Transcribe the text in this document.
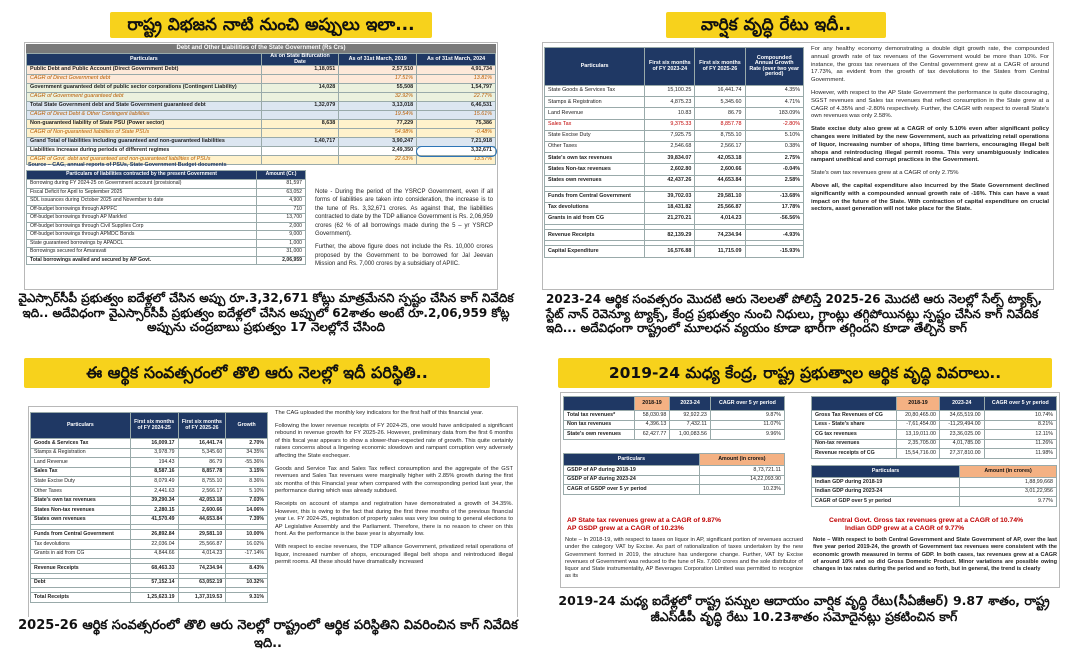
రాష్ట్ర విభజన నాటి నుంచి అప్పులు ఇలా...
Debt and Other Liabilities of the State Government (Rs Crs)
Particulars	As on State Bifurcation Date	As of 31st March, 2019	As of 31st March, 2024
Public Debt and Public Account (Direct Government Debt)	1,18,051	2,57,510	4,91,734
CAGR of Direct Government debt		17.51%	13.81%
Government guaranteed debt of public sector corporations (Contingent Liability)	14,028	55,508	1,54,797
CAGR of Government guaranteed debt		32.92%	22.77%
Total State Government debt and State Government guaranteed debt	1,32,079	3,13,018	6,46,531
CAGR of Direct Debt & Other Contingent liabilities		19.54%	15.61%
Non-guaranteed liability of State PSU (Power sector)	8,638	77,229	75,386
CAGR of Non-guaranteed liabilities of State PSUs		54.98%	-0.48%
Grand Total of liabilities including guaranteed and non-guaranteed liabilities	1,40,717	3,90,247	7,21,918
Liabilities increase during periods of different regimes		2,49,350	3,32,671
CAGR of Govt. debt and guaranteed and non-guaranteed liabilities of PSUs		22.63%	13.57%
Source – CAG, annual reports of PSUs, State Government Budget documents
Particulars of liabilities contracted by the present Government	Amount (Cr.)
Borrowing during FY 2024-25 on Government account (provisional)	81,597
Fiscal Deficit for April to September 2025	63,052
SDL issuances during October 2025 and November to date	4,900
Off-budget borrowings through APPFC	710
Off-budget borrowings through AP Markfed	13,700
Off-budget borrowings through Civil Supplies Corp	2,000
Off-budget borrowings through APMDC Bonds	9,000
State guaranteed borrowings by APADCL	1,000
Borrowings secured for Amaravati	31,000
Total borrowings availed and secured by AP Govt.	2,06,959

Note - During the period of the YSRCP Government, even if all forms of liabilities are taken into consideration, the increase is to the tune of Rs. 3,32,671 crores. As against that, the liabilities contracted to date by the TDP alliance Government is Rs. 2,06,959 crores (62 % of all borrowings made during the 5 – yr YSRCP Government).

Further, the above figure does not include the Rs. 10,000 crores proposed by the Government to be borrowed for Jal Jeevan Mission and Rs. 7,000 crores by a subsidiary of APIIC.

వైఎస్సార్‌సీపీ ప్రభుత్వం ఐదేళ్లలో చేసిన అప్పు రూ.3,32,671 కోట్లు మాత్రమేనని స్పష్టం చేసిన కాగ్ నివేదిక ఇది.. అదేవిధంగా వైఎస్సార్‌సీపీ ప్రభుత్వం ఐదేళ్లలో చేసిన అప్పులో 62శాతం అంటే రూ.2,06,959 కోట్ల అప్పును చంద్రబాబు ప్రభుత్వం 17 నెలల్లోనే చేసింది
వార్షిక వృద్ధి రేటు ఇదీ..
Particulars	First six months of FY 2023-24	First six months of FY 2025-26	Compounded Annual Growth Rate (over two year period)
State Goods & Services Tax	15,100.25	16,441.74	4.35%
Stamps & Registration	4,875.23	5,345.60	4.71%
Land Revenue	10.83	86.79	183.09%
Sales Tax	9,375.33	8,857.78	-2.80%
State Excise Duty	7,925.75	8,755.10	5.10%
Other Taxes	2,546.68	2,566.17	0.38%
State's own tax revenues	39,834.07	42,053.18	2.75%
States Non-tax revenues	2,602.80	2,600.66	-0.04%
States own revenues	42,437.26	44,653.84	2.58%

Funds from Central Government	39,702.03	29,581.10	-13.68%
Tax devolutions	18,431.82	25,566.87	17.78%
Grants in aid from CG	21,270.21	4,014.23	-56.56%

Revenue Receipts	82,139.29	74,234.94	-4.93%

Capital Expenditure	16,576.88	11,715.09	-15.93%

For any healthy economy demonstrating a double digit growth rate, the compounded annual growth rate of tax revenues of the Government would be more than 10%. For instance, the gross tax revenues of the Central government grew at a CAGR of around 17.73%, as evident from the growth of tax devolutions to the States from Central Government.

However, with respect to the AP State Government the performance is quite discouraging, SGST revenues and Sales tax revenues that reflect consumption in the State grew at a CAGR of 4.35% and -2.80% respectively. Further, the CAGR with respect to overall State's own revenues was only 2.58%.

State excise duty also grew at a CAGR of only 5.10% even after significant policy changes were initiated by the new Government, such as privatizing retail operations of liquor, increasing number of shops, lifting time barriers, encouraging illegal belt shops and reintroducing illegal permit rooms. This very unambiguously indicates rampant unethical and corrupt practices in the Government.

State's own tax revenues grew at a CAGR of only 2.75%

Above all, the capital expenditure also incurred by the State Government declined significantly with a compounded annual growth rate of -16%. This can have a vast impact on the future of the State. With contraction of capital expenditure on crucial sectors, asset generation will not take place for the State.

2023-24 ఆర్థిక సంవత్సరం మొదటి ఆరు నెలలతో పోలిస్తే 2025-26 మొదటి ఆరు నెలల్లో సేల్స్‌ ట్యాక్స్‌, స్టేట్‌ నాన్‌ రెవెన్యూ ట్యాక్స్‌, కేంద్ర ప్రభుత్వం నుంచి నిధులు, గ్రాంట్లు తగ్గిపోయినట్లు స్పష్టం చేసిన కాగ్‌ నివేదిక ఇది... అదేవిధంగా రాష్ట్రంలో మూలధన వ్యయం కూడా భారీగా తగ్గిందని కూడా తేల్చిన కాగ్‌
ఈ ఆర్థిక సంవత్సరంలో తొలి ఆరు నెలల్లో ఇదీ పరిస్థితి..
Particulars	First six months of FY 2024-25	First six months of FY 2025-26	Growth
Goods & Services Tax	16,009.17	16,441.74	2.70%
Stamps & Registration	3,978.79	5,345.60	34.35%
Land Revenue	194.43	86.79	-55.36%
Sales Tax	8,587.16	8,857.78	3.15%
State Excise Duty	8,079.49	8,755.10	8.36%
Other Taxes	2,441.63	2,566.17	5.10%
State's own tax revenues	39,290.34	42,053.18	7.03%
States Non-tax revenues	2,280.15	2,600.66	14.06%
States own revenues	41,570.49	44,653.84	7.39%

Funds from Central Government	26,892.84	29,581.10	10.00%
Tax devolutions	22,036.04	25,566.87	16.02%
Grants in aid from CG	4,844.66	4,014.23	-17.14%

Revenue Receipts	68,463.33	74,234.94	8.43%

Debt	57,152.14	63,052.19	10.32%

Total Receipts	1,25,623.19	1,37,319.53	9.31%

The CAG uploaded the monthly key indicators for the first half of this financial year.

Following the lower revenue receipts of FY 2024-25, one would have anticipated a significant rebound in revenue growth for FY 2025-26. However, preliminary data from the first 6 months of this fiscal year appears to show a slower-than-expected rate of growth. This quite certainly raises concerns about a lingering economic slowdown and rampant corruption very adversely affecting the State exchequer.

Goods and Service Tax and Sales Tax reflect consumption and the aggregate of the GST revenues and Sales Tax revenues were marginally higher with 2.85% growth during the first six months of this Financial year when compared with the corresponding period last year, the performance during which was already subdued.

Receipts on account of stamps and registration have demonstrated a growth of 34.35%. However, this is owing to the fact that during the first three months of the previous financial year i.e. FY 2024-25, registration of property sales was very low owing to general elections to AP Legislative Assembly and the Parliament. Therefore, there is no reason to cheer on this front. As the performance is the base year is abysmally low.

With respect to excise revenues, the TDP alliance Government, privatized retail operations of liquor, increased number of shops, encouraged illegal belt shops and reintroduced illegal permit rooms. All these should have dramatically increased

2025-26 ఆర్థిక సంవత్సరంలో తొలి ఆరు నెలల్లో రాష్ట్రంలో ఆర్థిక పరిస్థితిని వివరించిన కాగ్‌ నివేదిక ఇది..
2019-24 మధ్య కేంద్ర, రాష్ట్ర ప్రభుత్వాల ఆర్థిక వృద్ధి వివరాలు..
	2018-19	2023-24	CAGR over 5 yr period
Total tax revenues*	58,030.98	92,922.23	9.87%
Non tax revenues	4,396.13	7,432.11	11.07%
State's own revenues	62,427.77	1,00,083.56	9.96%
	2018-19	2023-24	CAGR over 5 yr period
Gross Tax Revenues of CG	20,80,465.00	34,65,519.00	10.74%
Less - State's share	-7,61,454.00	-11,29,494.00	8.21%
CG tax revenues	13,19,011.00	23,36,025.00	12.11%
Non-tax revenues	2,35,705.00	4,01,785.00	11.26%
Revenue receipts of CG	15,54,716.00	27,37,810.00	11.98%
Particulars	Amount (in crores)
GSDP of AP during 2018-19	8,73,721.11
GSDP of AP during 2023-24	14,22,093.90
CAGR of GSDP over 5 yr period	10.23%
Particulars	Amount (in crores)
Indian GDP during 2018-19	1,88,99,668
Indian GDP during 2023-24	3,01,22,956
CAGR of GDP over 5 yr period	9.77%
AP State tax revenues grew at a CAGR of 9.87%
AP GSDP grew at a CAGR of 10.23%
Central Govt. Gross tax revenues grew at a CAGR of 10.74%
Indian GDP grew at a CAGR of 9.77%
Note – In 2018-19, with respect to taxes on liquor in AP, significant portion of revenues accrued under the category VAT by Excise. As part of rationalization of taxes undertaken by the new Government formed in 2019, the structure has undergone change. Further, VAT by Excise revenues of Government was reduced to the tune of Rs. 7,000 crores and the sole distributor of liquor and State instrumentality, AP Beverages Corporation Limited was permitted to recognize as its
Note – With respect to both Central Government and State Government of AP, over the last five year period 2019-24, the growth of Government tax revenues were consistent with the economic growth measured in terms of GDP. In both cases, tax revenues grew at a CAGR of around 10% and so did Gross Domestic Product. Minor variations are possible owing changes in tax rates during the period and so forth, but in general, the trend is clearly
2019-24 మధ్య ఐదేళ్లలో రాష్ట్ర పన్నుల ఆదాయం వార్షిక వృద్ధి రేటు(సీఏజీఆర్‌) 9.87 శాతం, రాష్ట్ర జీఎస్‌డీపీ వృద్ధి రేటు 10.23శాతం సమోదైనట్లు ప్రకటించిన కాగ్‌
